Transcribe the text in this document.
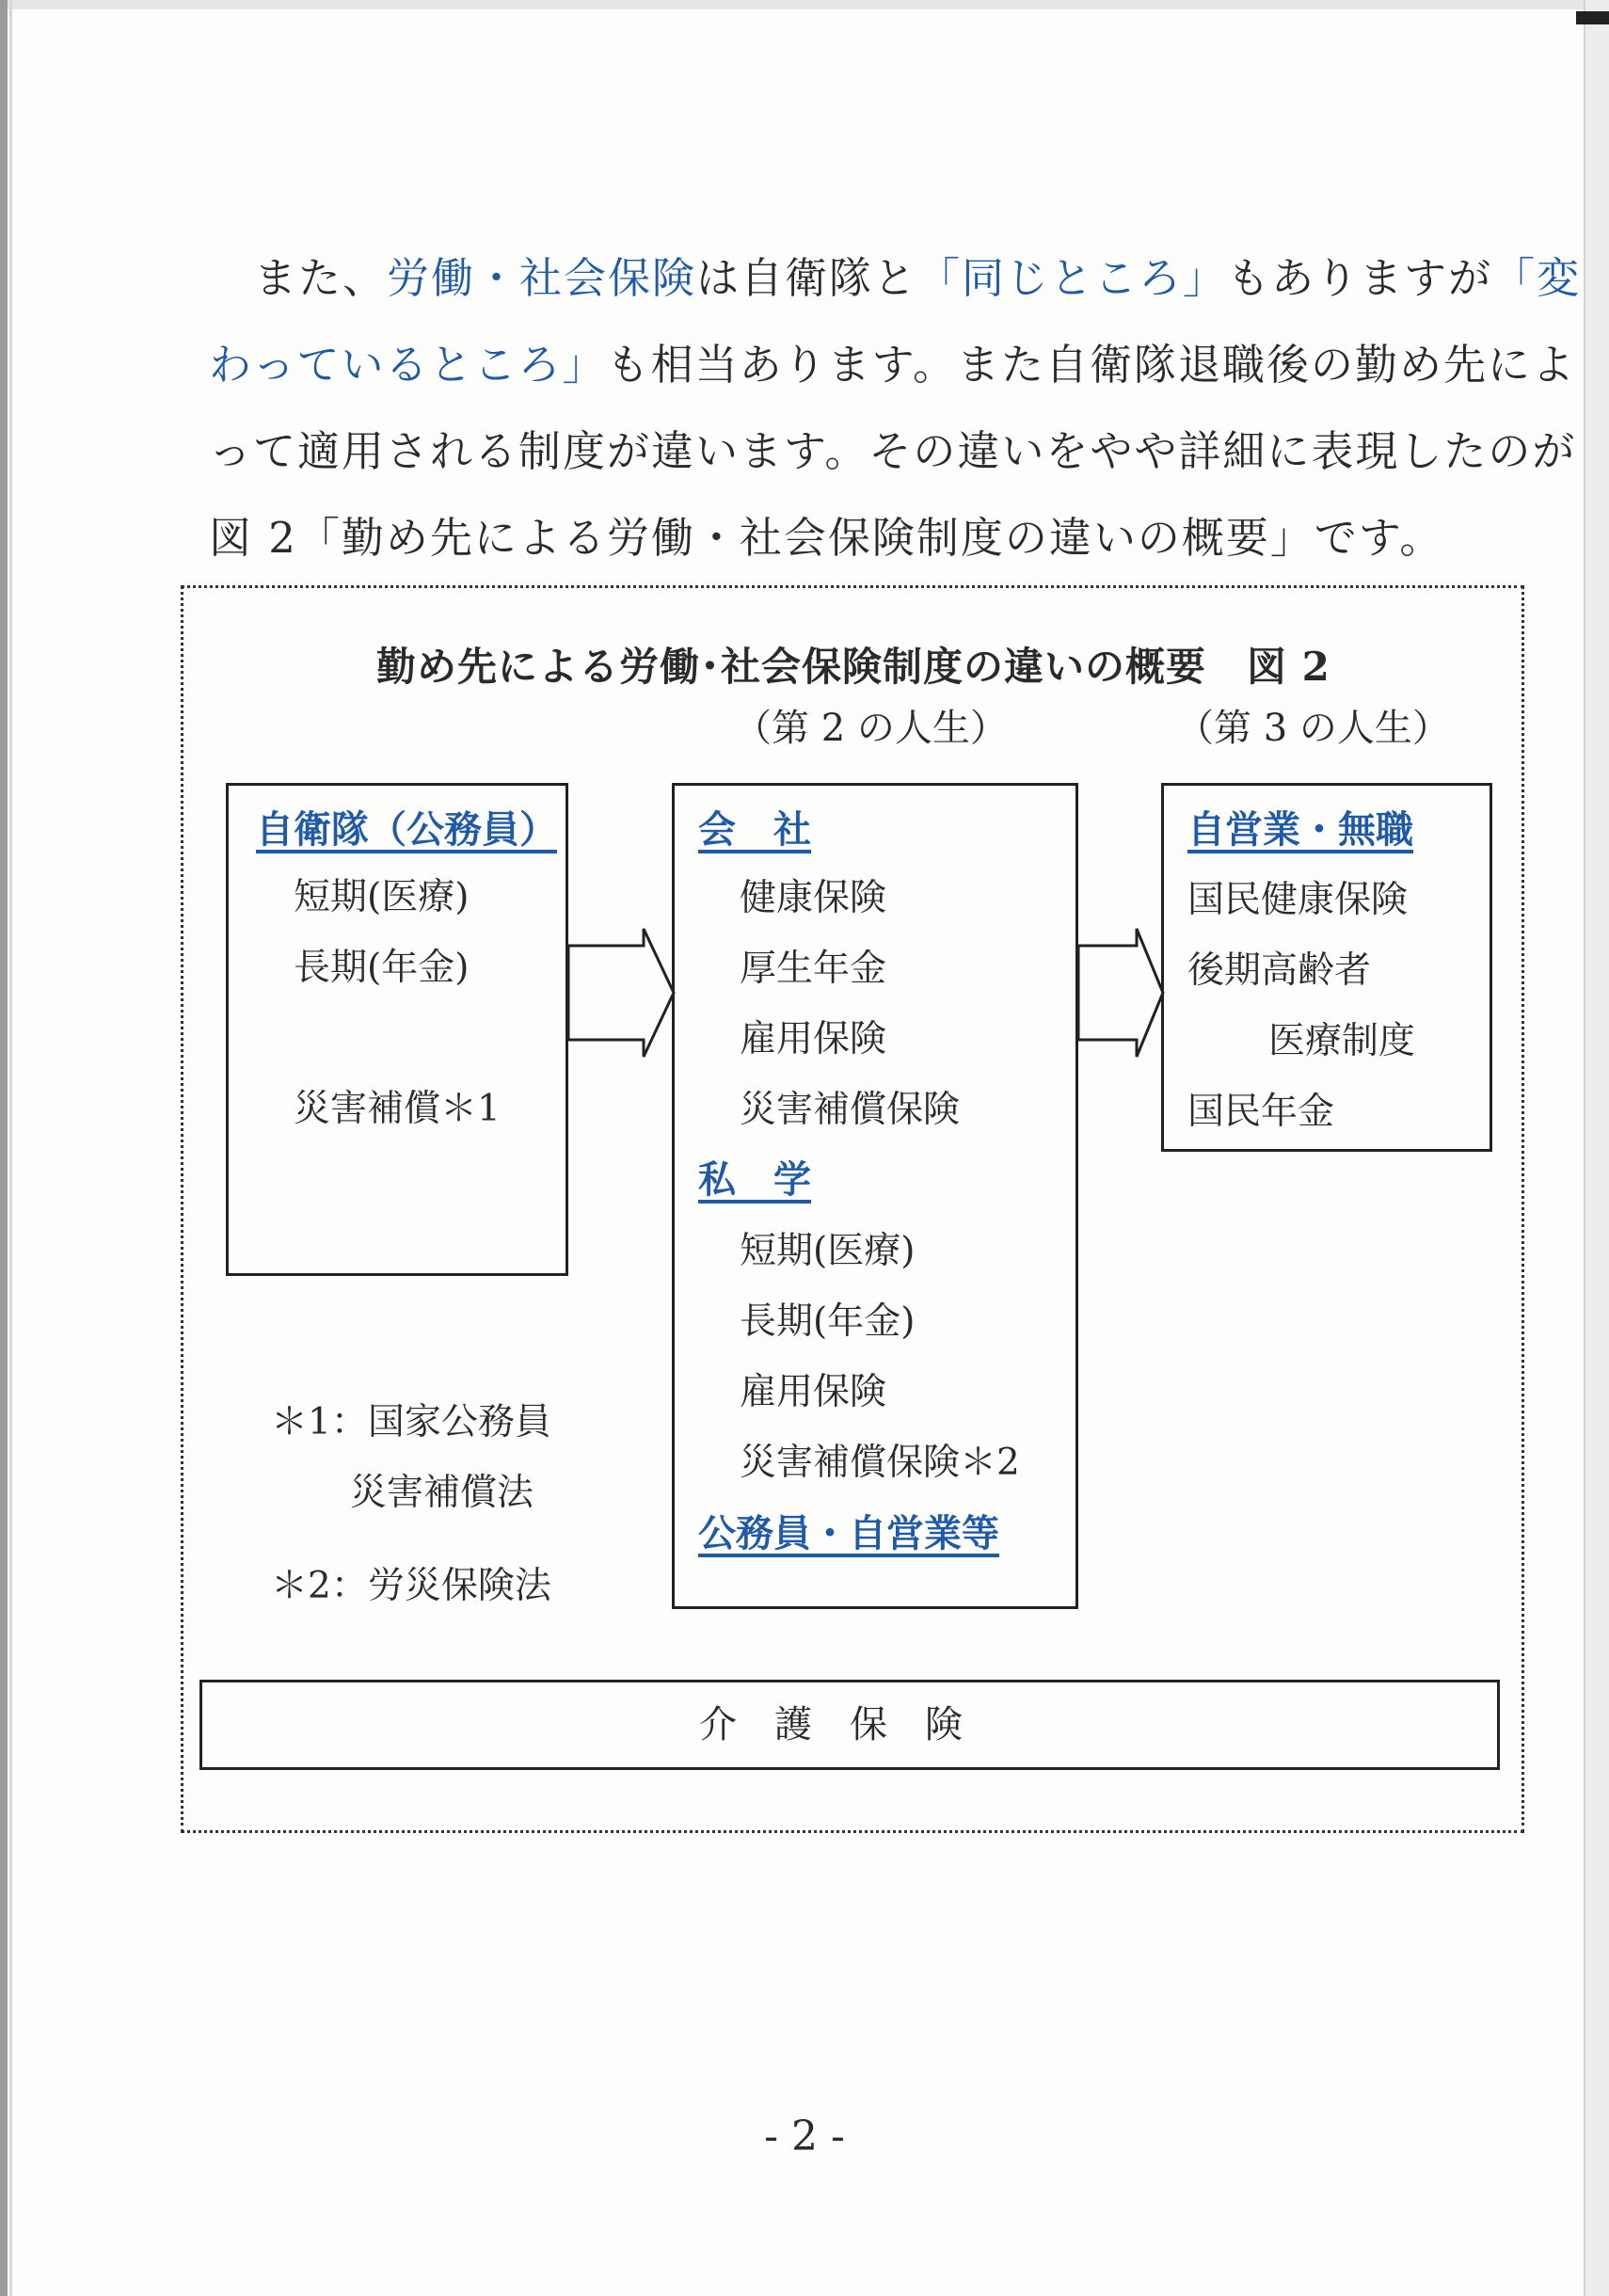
また、労働・社会保険は自衛隊と「同じところ」もありますが「変
わっているところ」も相当あります。また自衛隊退職後の勤め先によ
って適用される制度が違います。その違いをやや詳細に表現したのが
図 2「勤め先による労働・社会保険制度の違いの概要」です。
勤め先による労働･社会保険制度の違いの概要　図 2
（第 2 の人生）	（第 3 の人生）
自衛隊（公務員）
短期(医療)
長期(年金)
災害補償＊1
会　社
健康保険
厚生年金
雇用保険
災害補償保険
私　学
短期(医療)
長期(年金)
雇用保険
災害補償保険＊2
公務員・自営業等
自営業・無職
国民健康保険
後期高齢者
医療制度
国民年金
＊1：国家公務員
災害補償法
＊2：労災保険法
介護保険
- 2 -
